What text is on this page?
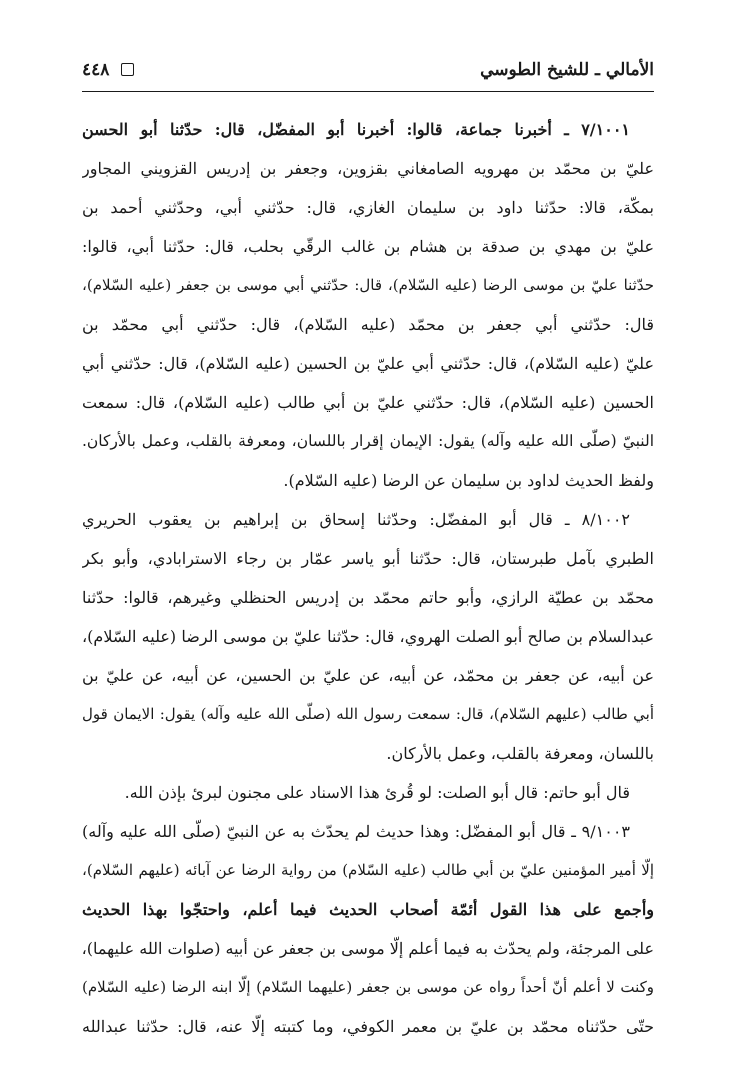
الأمالي ـ للشيخ الطوسي
٤٤٨
٧/١٠٠١ ـ أخبرنا جماعة، قالوا: أخبرنا أبو المفضّل، قال: حدّثنا أبو الحسن
عليّ بن محمّد بن مهرويه الصامغاني بقزوين، وجعفر بن إدريس القزويني المجاور
بمكّة، قالا: حدّثنا داود بن سليمان الغازي، قال: حدّثني أبي، وحدّثني أحمد بن
عليّ بن مهدي بن صدقة بن هشام بن غالب الرقّي بحلب، قال: حدّثنا أبي، قالوا:
حدّثنا عليّ بن موسى الرضا (عليه السّلام)، قال: حدّثني أبي موسى بن جعفر (عليه السّلام)،
قال: حدّثني أبي جعفر بن محمّد (عليه السّلام)، قال: حدّثني أبي محمّد بن
عليّ (عليه السّلام)، قال: حدّثني أبي عليّ بن الحسين (عليه السّلام)، قال: حدّثني أبي
الحسين (عليه السّلام)، قال: حدّثني عليّ بن أبي طالب (عليه السّلام)، قال: سمعت
النبيّ (صلّى الله عليه وآله) يقول: الإيمان إقرار باللسان، ومعرفة بالقلب، وعمل بالأركان.
ولفظ الحديث لداود بن سليمان عن الرضا (عليه السّلام).
٨/١٠٠٢ ـ قال أبو المفضّل: وحدّثنا إسحاق بن إبراهيم بن يعقوب الحريري
الطبري بآمل طبرستان، قال: حدّثنا أبو ياسر عمّار بن رجاء الاسترابادي، وأبو بكر
محمّد بن عطيّة الرازي، وأبو حاتم محمّد بن إدريس الحنظلي وغيرهم، قالوا: حدّثنا
عبدالسلام بن صالح أبو الصلت الهروي، قال: حدّثنا عليّ بن موسى الرضا (عليه السّلام)،
عن أبيه، عن جعفر بن محمّد، عن أبيه، عن عليّ بن الحسين، عن أبيه، عن عليّ بن
أبي طالب (عليهم السّلام)، قال: سمعت رسول الله (صلّى الله عليه وآله) يقول: الايمان قول
باللسان، ومعرفة بالقلب، وعمل بالأركان.
قال أبو حاتم: قال أبو الصلت: لو قُرئ هذا الاسناد على مجنون لبرئ بإذن الله.
٩/١٠٠٣ ـ قال أبو المفضّل: وهذا حديث لم يحدّث به عن النبيّ (صلّى الله عليه وآله)
إلّا أمير المؤمنين عليّ بن أبي طالب (عليه السّلام) من رواية الرضا عن آبائه (عليهم السّلام)،
وأجمع على هذا القول أئمّة أصحاب الحديث فيما أعلم، واحتجّوا بهذا الحديث
على المرجئة، ولم يحدّث به فيما أعلم إلّا موسى بن جعفر عن أبيه (صلوات الله عليهما)،
وكنت لا أعلم أنّ أحداً رواه عن موسى بن جعفر (عليهما السّلام) إلّا ابنه الرضا (عليه السّلام)
حتّى حدّثناه محمّد بن عليّ بن معمر الكوفي، وما كتبته إلّا عنه، قال: حدّثنا عبدالله
